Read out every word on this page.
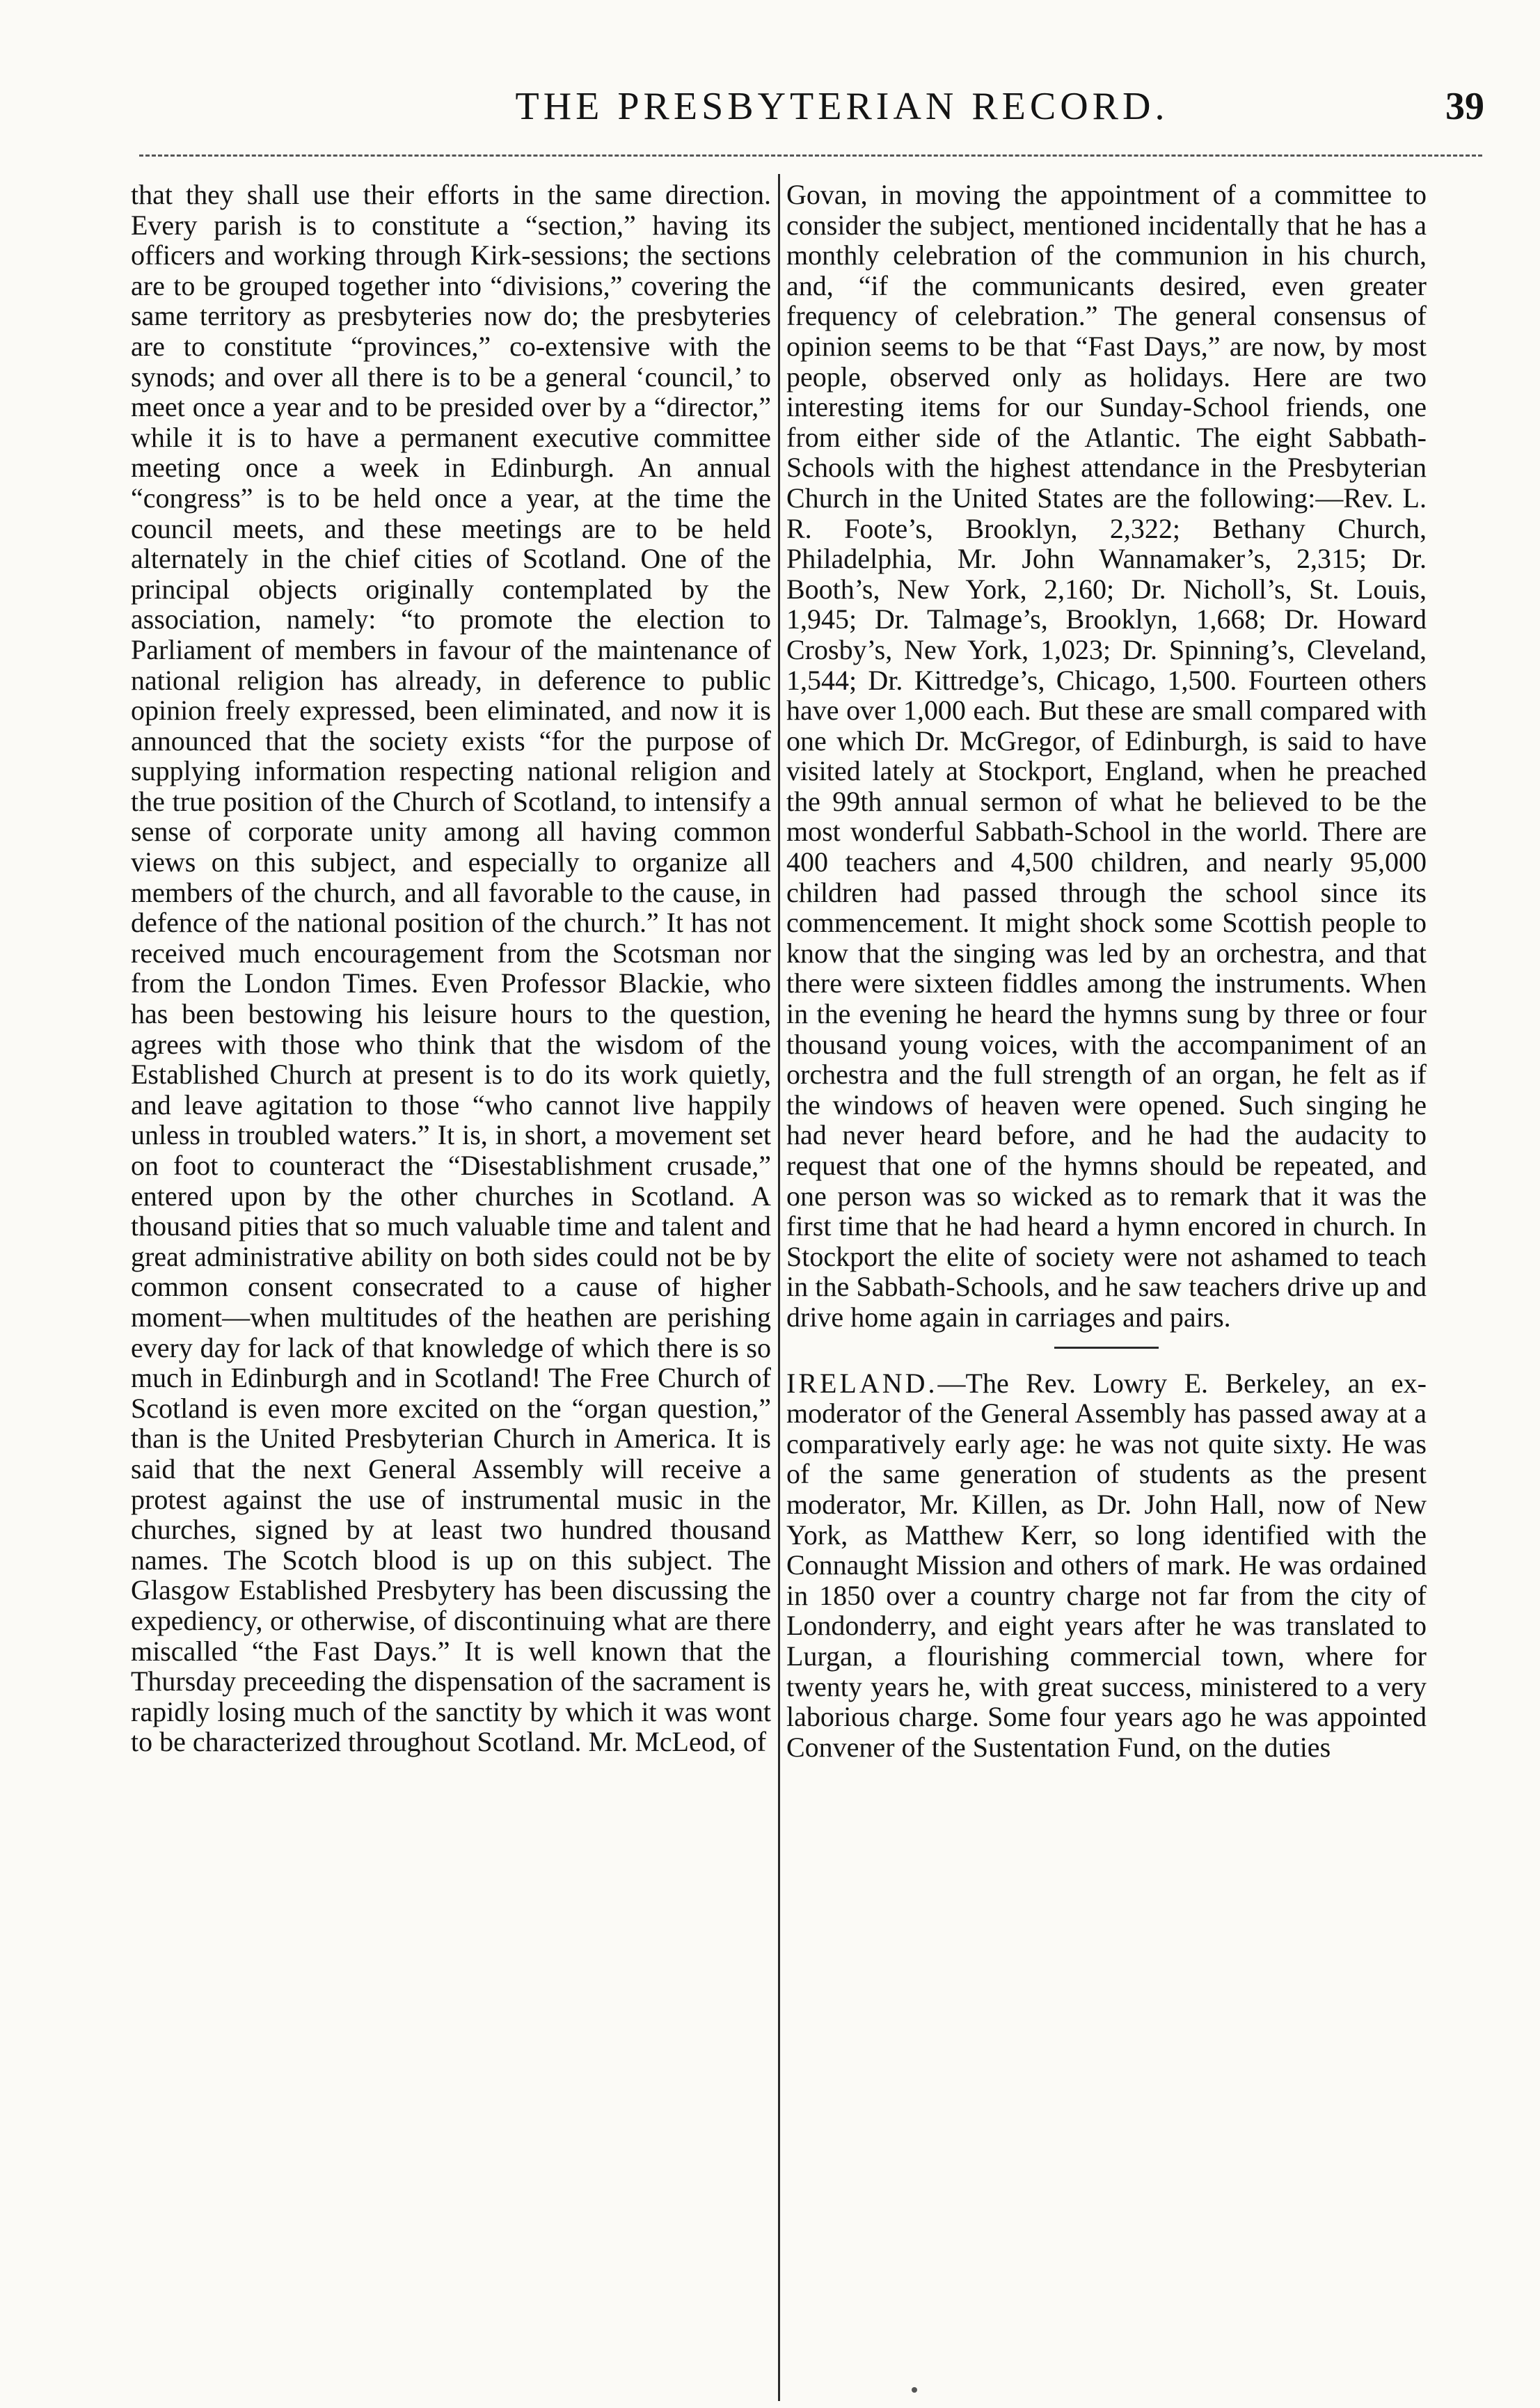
THE PRESBYTERIAN RECORD.	39

that they shall use their efforts in the same direction. Every parish is to constitute a “section,” having its officers and working through Kirk-sessions; the sections are to be grouped together into “divisions,” covering the same territory as presbyteries now do; the presbyteries are to constitute “provinces,” co-extensive with the synods; and over all there is to be a general ‘council,’ to meet once a year and to be presided over by a “director,” while it is to have a permanent executive committee meeting once a week in Edinburgh. An annual “congress” is to be held once a year, at the time the council meets, and these meetings are to be held alternately in the chief cities of Scotland. One of the principal objects originally contemplated by the association, namely: “to promote the election to Parliament of members in favour of the maintenance of national religion has already, in deference to public opinion freely expressed, been eliminated, and now it is announced that the society exists “for the purpose of supplying information respecting national religion and the true position of the Church of Scotland, to intensify a sense of corporate unity among all having common views on this subject, and especially to organize all members of the church, and all favorable to the cause, in defence of the national position of the church.” It has not received much encouragement from the Scotsman nor from the London Times. Even Professor Blackie, who has been bestowing his leisure hours to the question, agrees with those who think that the wisdom of the Established Church at present is to do its work quietly, and leave agitation to those “who cannot live happily unless in troubled waters.” It is, in short, a movement set on foot to counteract the “Disestablishment crusade,” entered upon by the other churches in Scotland. A thousand pities that so much valuable time and talent and great administrative ability on both sides could not be by common consent consecrated to a cause of higher moment—when multitudes of the heathen are perishing every day for lack of that knowledge of which there is so much in Edinburgh and in Scotland! The Free Church of Scotland is even more excited on the “organ question,” than is the United Presbyterian Church in America. It is said that the next General Assembly will receive a protest against the use of instrumental music in the churches, signed by at least two hundred thousand names. The Scotch blood is up on this subject. The Glasgow Established Presbytery has been discussing the expediency, or otherwise, of discontinuing what are there miscalled “the Fast Days.” It is well known that the Thursday preceeding the dispensation of the sacrament is rapidly losing much of the sanctity by which it was wont to be characterized throughout Scotland. Mr. McLeod, of

Govan, in moving the appointment of a committee to consider the subject, mentioned incidentally that he has a monthly celebration of the communion in his church, and, “if the communicants desired, even greater frequency of celebration.” The general consensus of opinion seems to be that “Fast Days,” are now, by most people, observed only as holidays. Here are two interesting items for our Sunday-School friends, one from either side of the Atlantic. The eight Sabbath-Schools with the highest attendance in the Presbyterian Church in the United States are the following:—Rev. L. R. Foote’s, Brooklyn, 2,322; Bethany Church, Philadelphia, Mr. John Wannamaker’s, 2,315; Dr. Booth’s, New York, 2,160; Dr. Nicholl’s, St. Louis, 1,945; Dr. Talmage’s, Brooklyn, 1,668; Dr. Howard Crosby’s, New York, 1,023; Dr. Spinning’s, Cleveland, 1,544; Dr. Kittredge’s, Chicago, 1,500. Fourteen others have over 1,000 each. But these are small compared with one which Dr. McGregor, of Edinburgh, is said to have visited lately at Stockport, England, when he preached the 99th annual sermon of what he believed to be the most wonderful Sabbath-School in the world. There are 400 teachers and 4,500 children, and nearly 95,000 children had passed through the school since its commencement. It might shock some Scottish people to know that the singing was led by an orchestra, and that there were sixteen fiddles among the instruments. When in the evening he heard the hymns sung by three or four thousand young voices, with the accompaniment of an orchestra and the full strength of an organ, he felt as if the windows of heaven were opened. Such singing he had never heard before, and he had the audacity to request that one of the hymns should be repeated, and one person was so wicked as to remark that it was the first time that he had heard a hymn encored in church. In Stockport the elite of society were not ashamed to teach in the Sabbath-Schools, and he saw teachers drive up and drive home again in carriages and pairs.

IRELAND.—The Rev. Lowry E. Berkeley, an ex-moderator of the General Assembly has passed away at a comparatively early age: he was not quite sixty. He was of the same generation of students as the present moderator, Mr. Killen, as Dr. John Hall, now of New York, as Matthew Kerr, so long identified with the Connaught Mission and others of mark. He was ordained in 1850 over a country charge not far from the city of Londonderry, and eight years after he was translated to Lurgan, a flourishing commercial town, where for twenty years he, with great success, ministered to a very laborious charge. Some four years ago he was appointed Convener of the Sustentation Fund, on the duties
